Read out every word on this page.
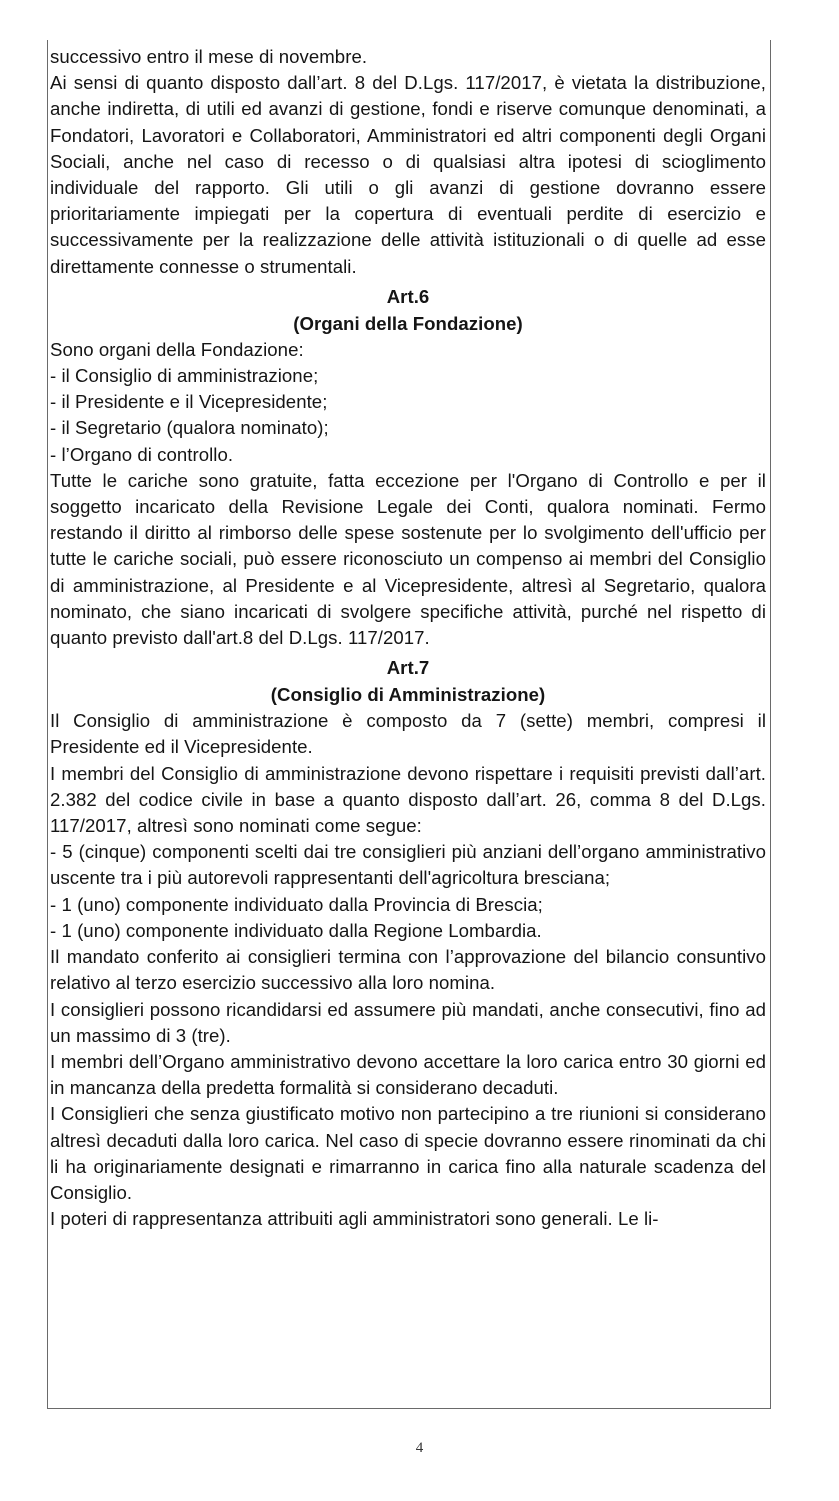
successivo entro il mese di novembre.

Ai sensi di quanto disposto dall’art. 8 del D.Lgs. 117/2017, è vietata la distribuzione, anche indiretta, di utili ed avanzi di gestione, fondi e riserve comunque denominati, a Fondatori, Lavoratori e Collaboratori, Amministratori ed altri componenti degli Organi Sociali, anche nel caso di recesso o di qualsiasi altra ipotesi di scioglimento individuale del rapporto. Gli utili o gli avanzi di gestione dovranno essere prioritariamente impiegati per la copertura di eventuali perdite di esercizio e successivamente per la realizzazione delle attività istituzionali o di quelle ad esse direttamente connesse o strumentali.

Art.6
(Organi della Fondazione)

Sono organi della Fondazione:

- il Consiglio di amministrazione;

- il Presidente e il Vicepresidente;

- il Segretario (qualora nominato);

- l’Organo di controllo.

Tutte le cariche sono gratuite, fatta eccezione per l'Organo di Controllo e per il soggetto incaricato della Revisione Legale dei Conti, qualora nominati. Fermo restando il diritto al rimborso delle spese sostenute per lo svolgimento dell'ufficio per tutte le cariche sociali, può essere riconosciuto un compenso ai membri del Consiglio di amministrazione, al Presidente e al Vicepresidente, altresì al Segretario, qualora nominato, che siano incaricati di svolgere specifiche attività, purché nel rispetto di quanto previsto dall'art.8 del D.Lgs. 117/2017.

Art.7
(Consiglio di Amministrazione)

Il Consiglio di amministrazione è composto da 7 (sette) membri, compresi il Presidente ed il Vicepresidente.

I membri del Consiglio di amministrazione devono rispettare i requisiti previsti dall’art. 2.382 del codice civile in base a quanto disposto dall’art. 26, comma 8 del D.Lgs. 117/2017, altresì sono nominati come segue:

- 5 (cinque) componenti scelti dai tre consiglieri più anziani dell’organo amministrativo uscente tra i più autorevoli rappresentanti dell'agricoltura bresciana;

- 1 (uno) componente individuato dalla Provincia di Brescia;

- 1 (uno) componente individuato dalla Regione Lombardia.

Il mandato conferito ai consiglieri termina con l’approvazione del bilancio consuntivo relativo al terzo esercizio successivo alla loro nomina.

I consiglieri possono ricandidarsi ed assumere più mandati, anche consecutivi, fino ad un massimo di 3 (tre).

I membri dell’Organo amministrativo devono accettare la loro carica entro 30 giorni ed in mancanza della predetta formalità si considerano decaduti.

I Consiglieri che senza giustificato motivo non partecipino a tre riunioni si considerano altresì decaduti dalla loro carica. Nel caso di specie dovranno essere rinominati da chi li ha originariamente designati e rimarranno in carica fino alla naturale scadenza del Consiglio.

I poteri di rappresentanza attribuiti agli amministratori sono generali. Le li-

4
